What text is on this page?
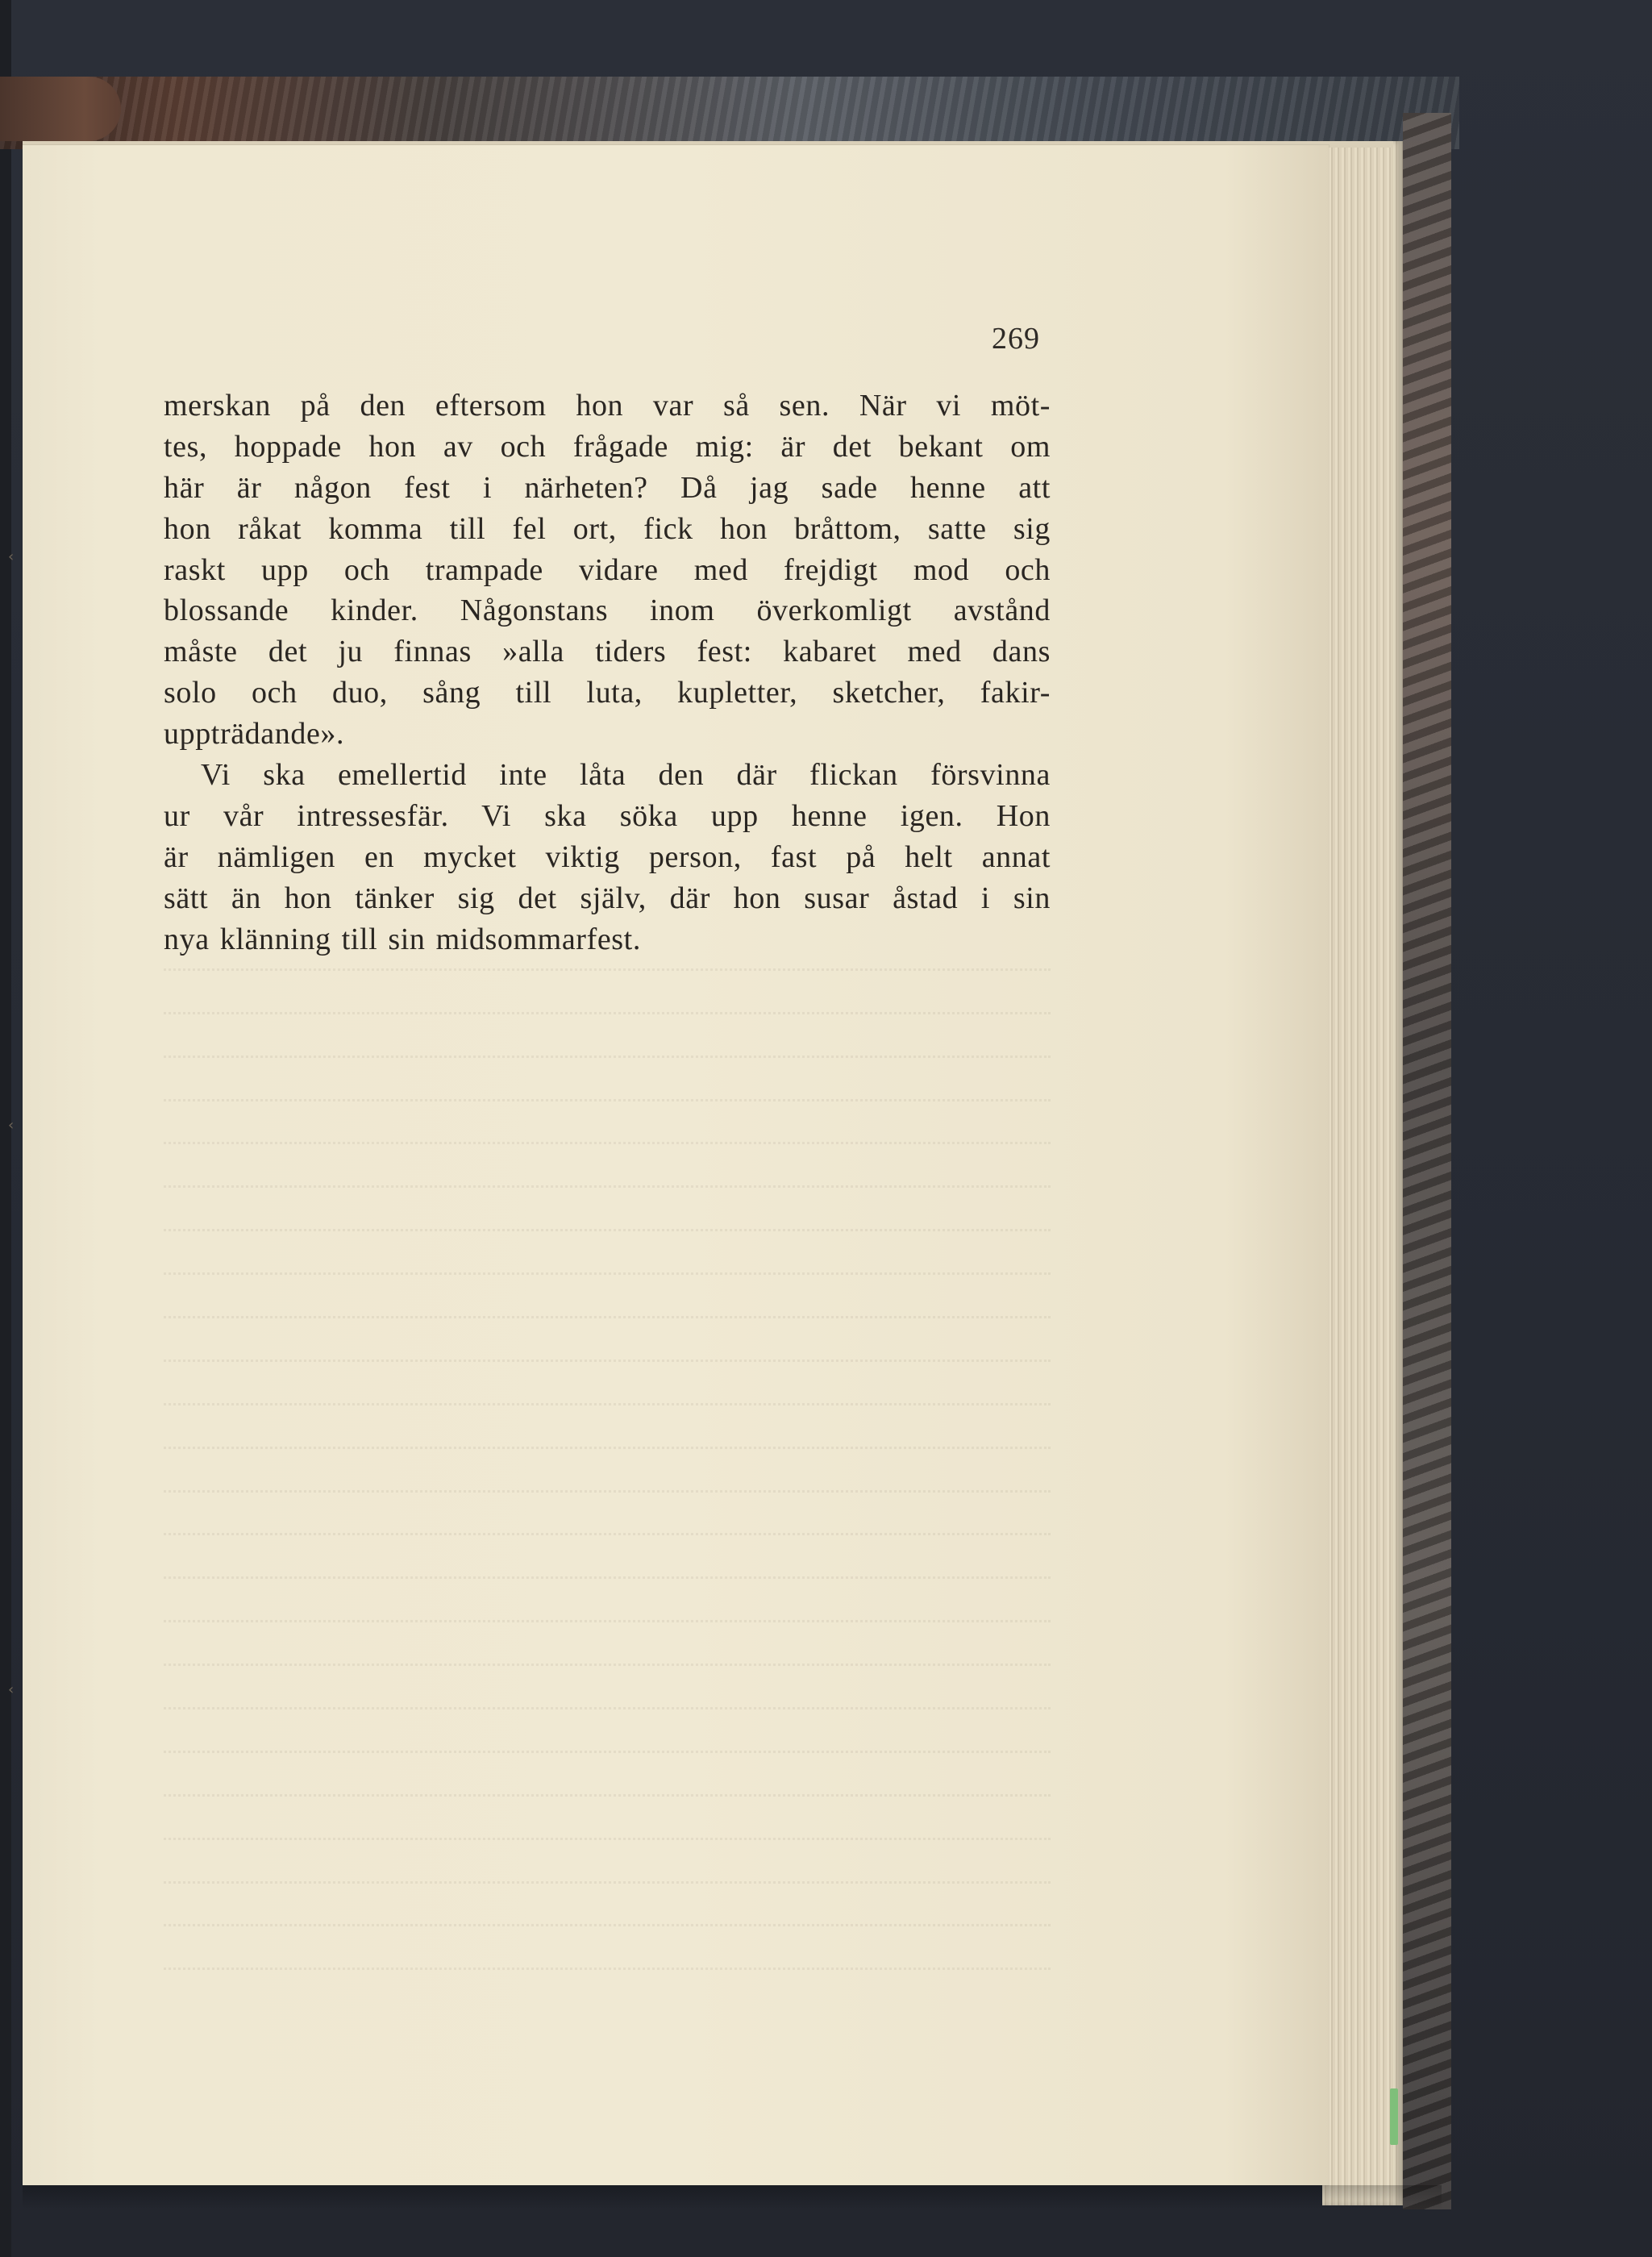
‹
‹
‹
269
merskan på den eftersom hon var så sen. När vi möt-
tes, hoppade hon av och frågade mig: är det bekant om
här är någon fest i närheten? Då jag sade henne att
hon råkat komma till fel ort, fick hon bråttom, satte sig
raskt upp och trampade vidare med frejdigt mod och
blossande kinder. Någonstans inom överkomligt avstånd
måste det ju finnas »alla tiders fest: kabaret med dans
solo och duo, sång till luta, kupletter, sketcher, fakir-
uppträdande».
Vi ska emellertid inte låta den där flickan försvinna
ur vår intressesfär. Vi ska söka upp henne igen. Hon
är nämligen en mycket viktig person, fast på helt annat
sätt än hon tänker sig det själv, där hon susar åstad i sin
nya klänning till sin midsommarfest.
